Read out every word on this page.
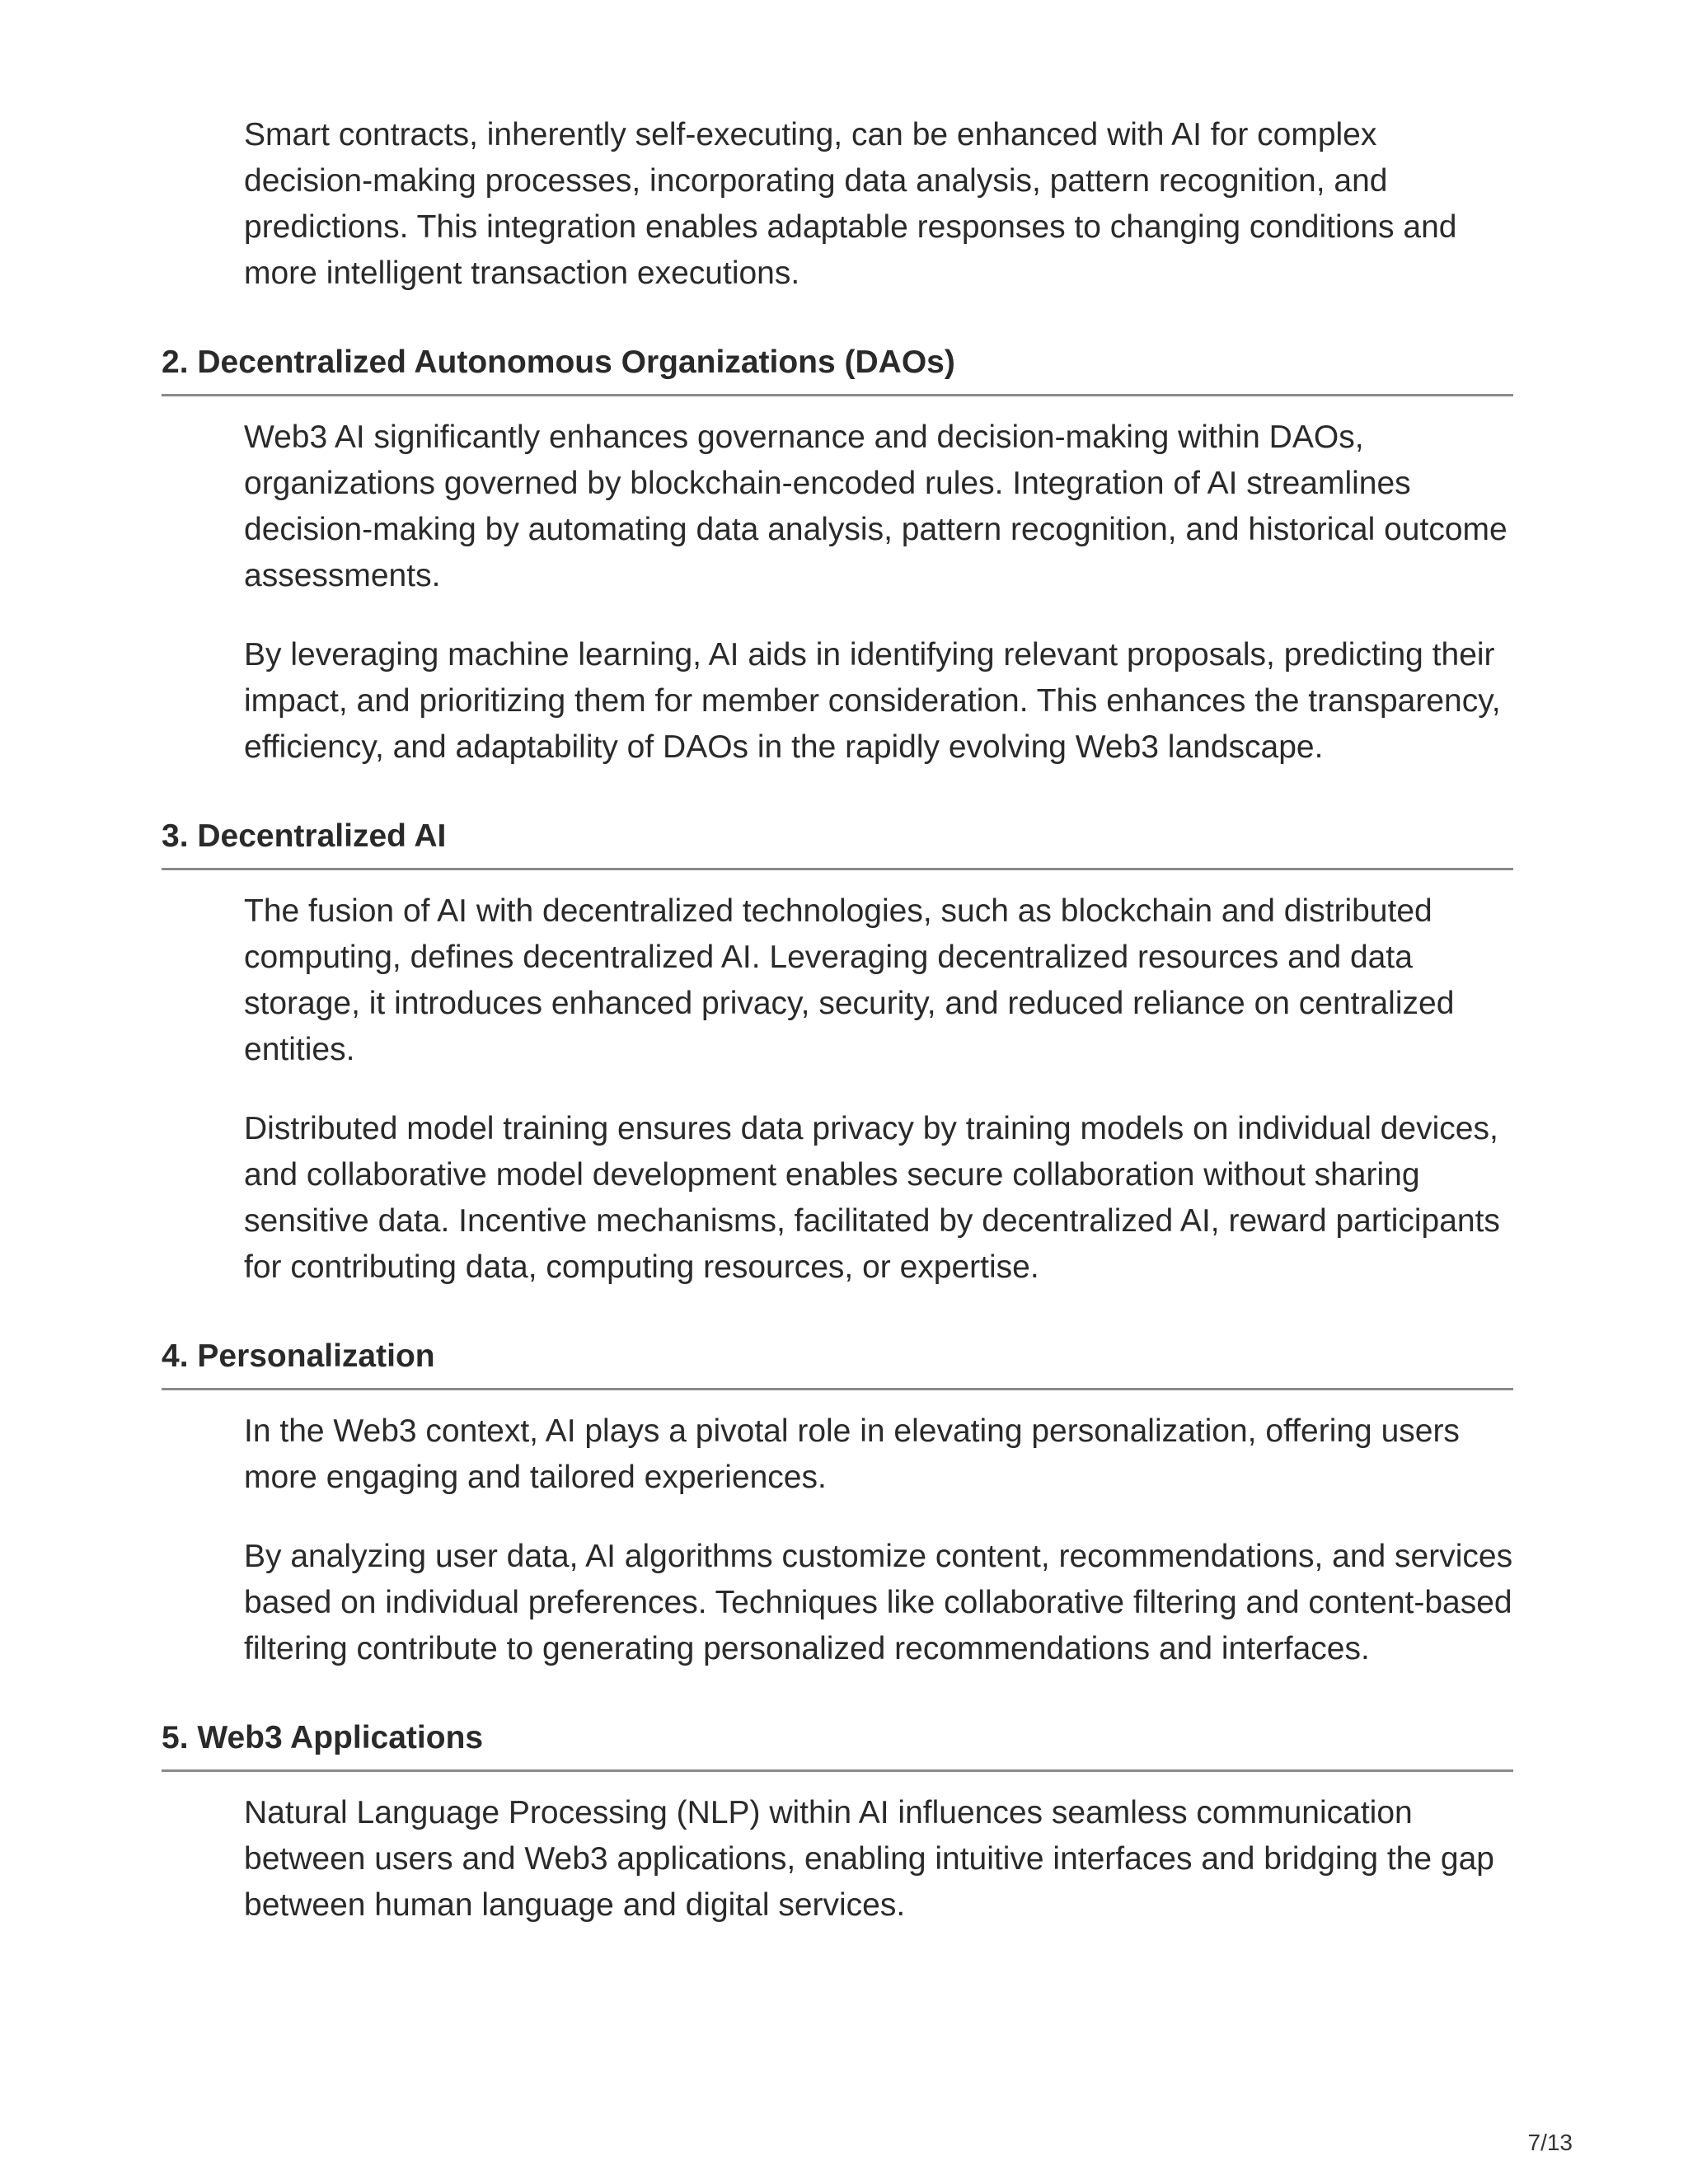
Smart contracts, inherently self-executing, can be enhanced with AI for complex decision-making processes, incorporating data analysis, pattern recognition, and predictions. This integration enables adaptable responses to changing conditions and more intelligent transaction executions.

2. Decentralized Autonomous Organizations (DAOs)

Web3 AI significantly enhances governance and decision-making within DAOs, organizations governed by blockchain-encoded rules. Integration of AI streamlines decision-making by automating data analysis, pattern recognition, and historical outcome assessments.

By leveraging machine learning, AI aids in identifying relevant proposals, predicting their impact, and prioritizing them for member consideration. This enhances the transparency, efficiency, and adaptability of DAOs in the rapidly evolving Web3 landscape.

3. Decentralized AI

The fusion of AI with decentralized technologies, such as blockchain and distributed computing, defines decentralized AI. Leveraging decentralized resources and data storage, it introduces enhanced privacy, security, and reduced reliance on centralized entities.

Distributed model training ensures data privacy by training models on individual devices, and collaborative model development enables secure collaboration without sharing sensitive data. Incentive mechanisms, facilitated by decentralized AI, reward participants for contributing data, computing resources, or expertise.

4. Personalization

In the Web3 context, AI plays a pivotal role in elevating personalization, offering users more engaging and tailored experiences.

By analyzing user data, AI algorithms customize content, recommendations, and services based on individual preferences. Techniques like collaborative filtering and content-based filtering contribute to generating personalized recommendations and interfaces.

5. Web3 Applications

Natural Language Processing (NLP) within AI influences seamless communication between users and Web3 applications, enabling intuitive interfaces and bridging the gap between human language and digital services.

7/13
